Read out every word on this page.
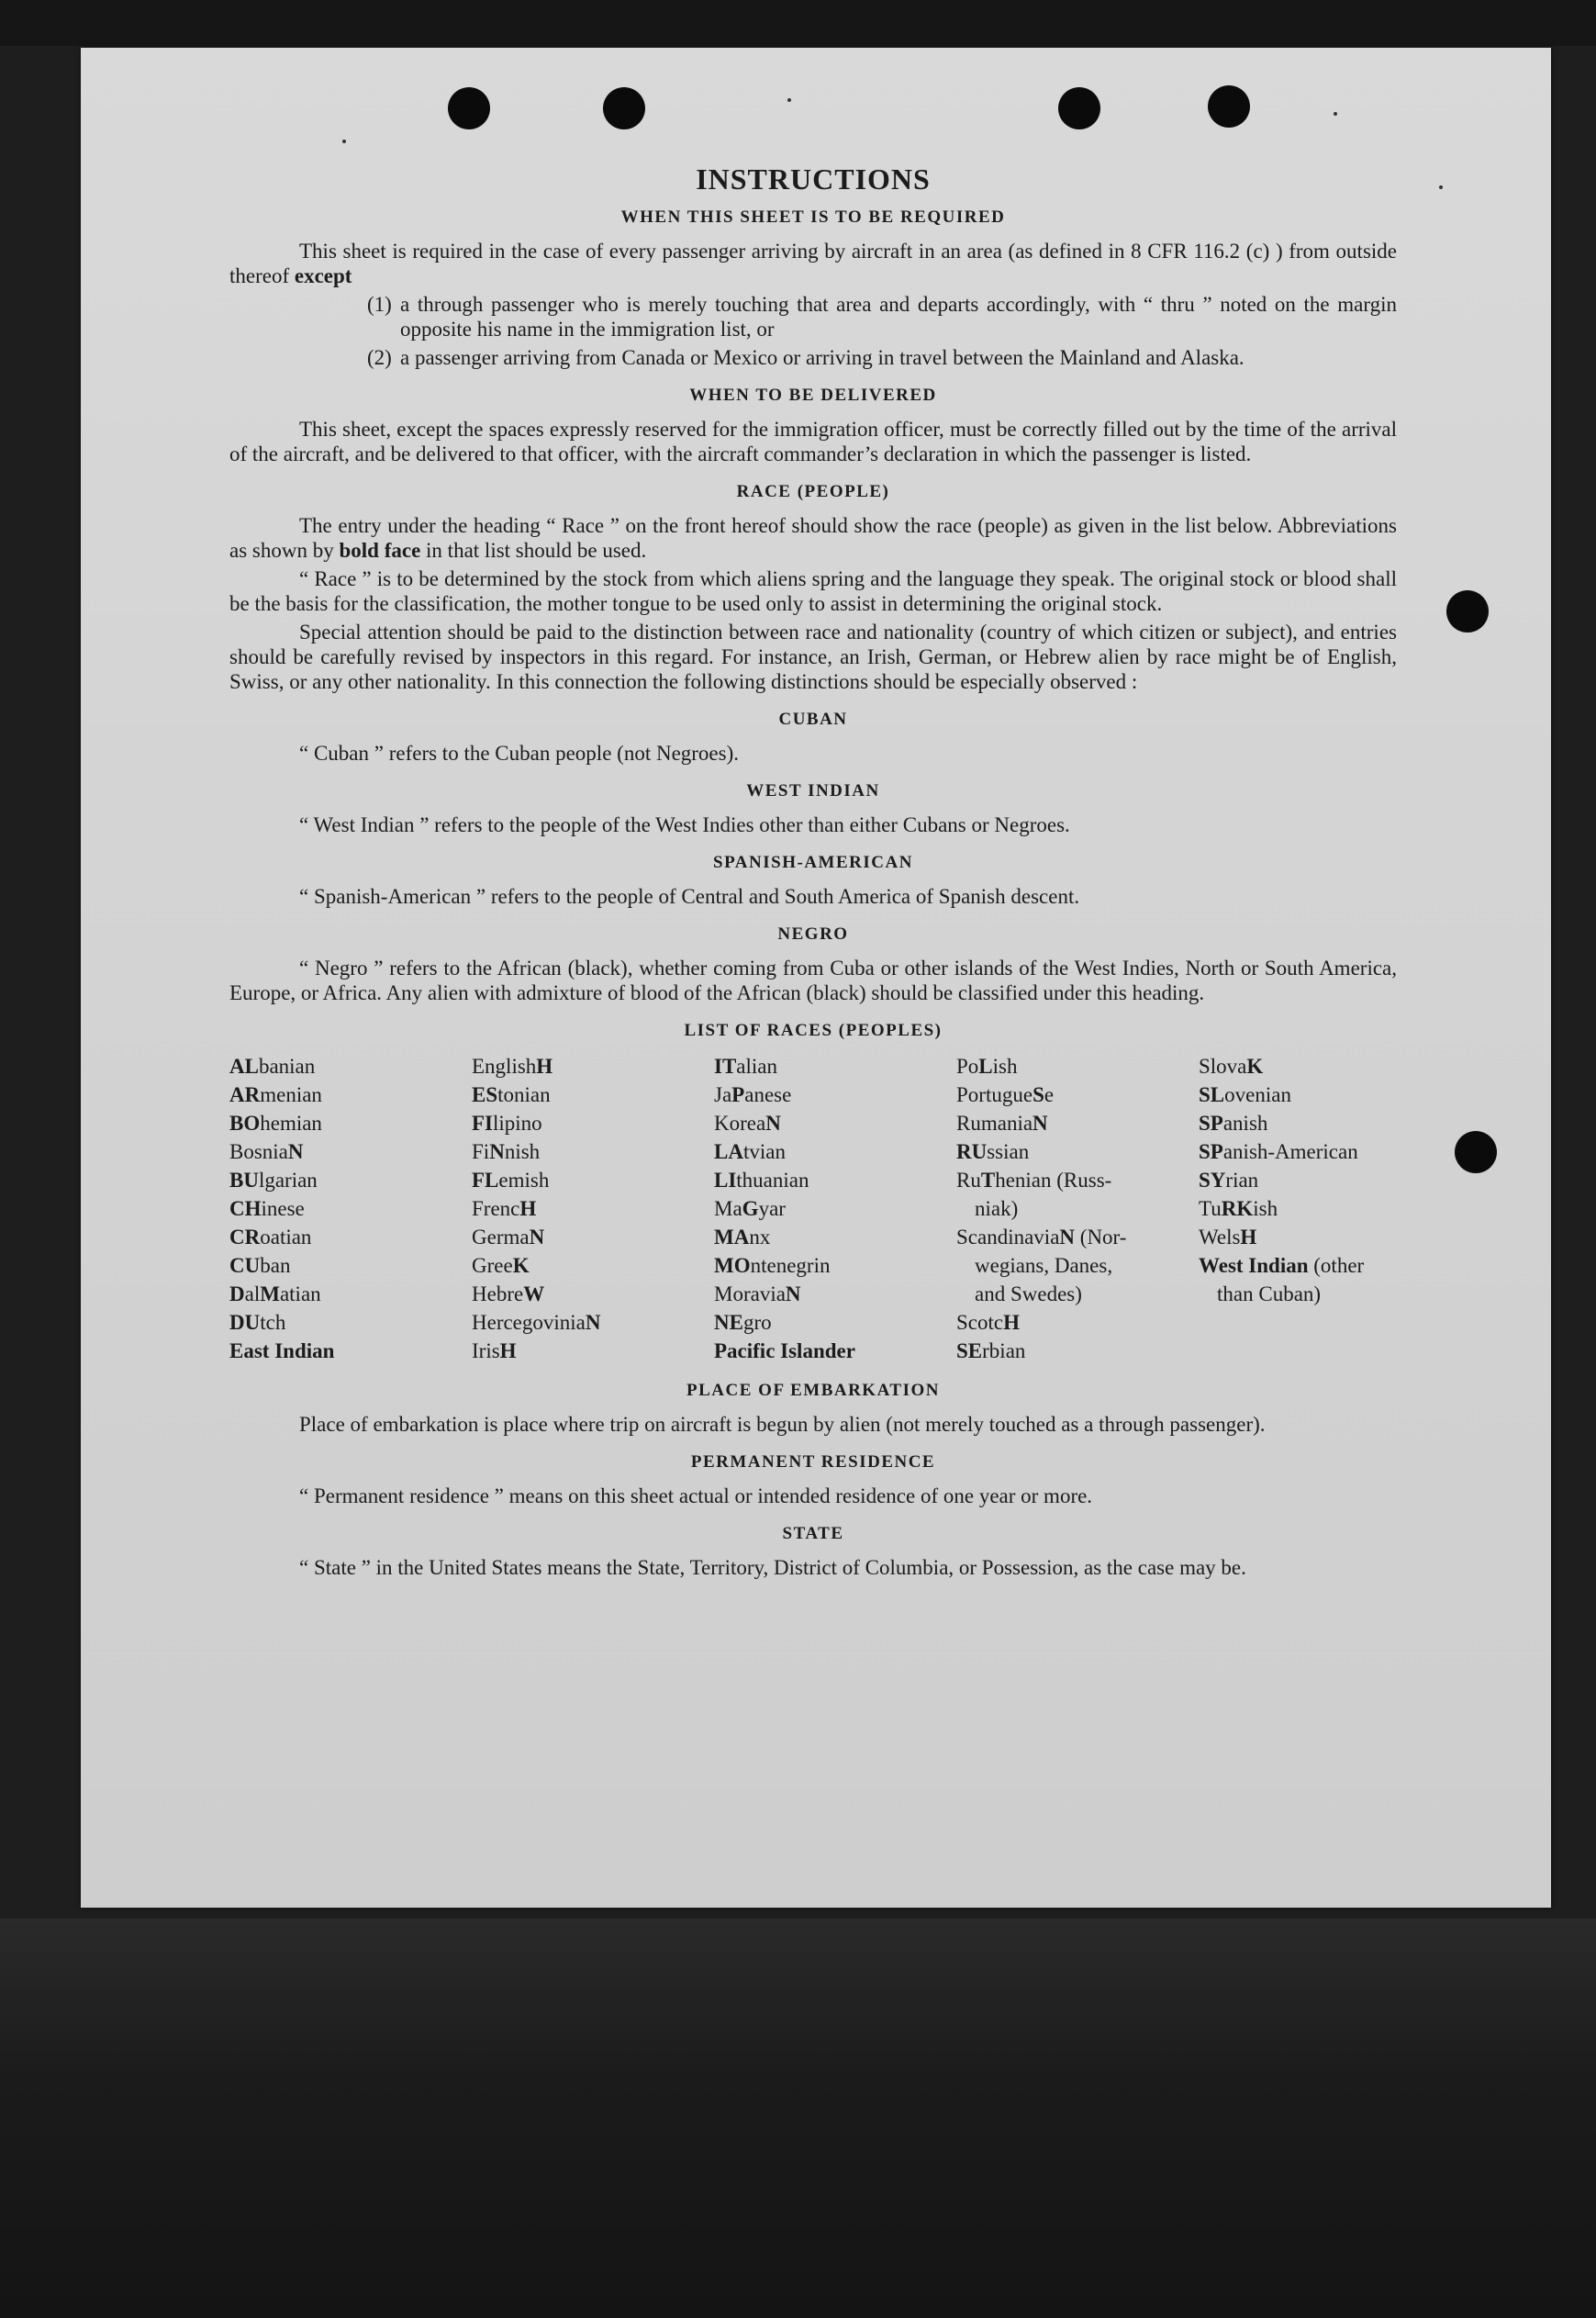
INSTRUCTIONS
WHEN THIS SHEET IS TO BE REQUIRED

This sheet is required in the case of every passenger arriving by aircraft in an area (as defined in 8 CFR 116.2 (c) ) from outside thereof except

(1) a through passenger who is merely touching that area and departs accordingly, with “ thru ” noted on the margin opposite his name in the immigration list, or
(2) a passenger arriving from Canada or Mexico or arriving in travel between the Mainland and Alaska.
WHEN TO BE DELIVERED

This sheet, except the spaces expressly reserved for the immigration officer, must be correctly filled out by the time of the arrival of the aircraft, and be delivered to that officer, with the aircraft commander’s declaration in which the passenger is listed.

RACE (PEOPLE)

The entry under the heading “ Race ” on the front hereof should show the race (people) as given in the list below. Abbreviations as shown by bold face in that list should be used.

“ Race ” is to be determined by the stock from which aliens spring and the language they speak. The original stock or blood shall be the basis for the classification, the mother tongue to be used only to assist in determining the original stock.

Special attention should be paid to the distinction between race and nationality (country of which citizen or subject), and entries should be carefully revised by inspectors in this regard. For instance, an Irish, German, or Hebrew alien by race might be of English, Swiss, or any other nationality. In this connection the following distinctions should be especially observed :

CUBAN

“ Cuban ” refers to the Cuban people (not Negroes).

WEST INDIAN

“ West Indian ” refers to the people of the West Indies other than either Cubans or Negroes.

SPANISH-AMERICAN

“ Spanish-American ” refers to the people of Central and South America of Spanish descent.

NEGRO

“ Negro ” refers to the African (black), whether coming from Cuba or other islands of the West Indies, North or South America, Europe, or Africa. Any alien with admixture of blood of the African (black) should be classified under this heading.

LIST OF RACES (PEOPLES)
ALbanian
ARmenian
BOhemian
BosniaN
BUlgarian
CHinese
CRoatian
CUban
DalMatian
DUtch
East Indian
EnglishH
EStonian
FIlipino
FiNnish
FLemish
FrencH
GermaN
GreeK
HebreW
HercegoviniaN
IrisH
ITalian
JaPanese
KoreaN
LAtvian
LIthuanian
MaGyar
MAnx
MOntenegrin
MoraviaN
NEgro
Pacific Islander
PoLish
PortugueSe
RumaniaN
RUssian
RuThenian (Russ-
niak)
ScandinaviaN (Nor-
wegians, Danes,
and Swedes)
ScotcH
SErbian
SlovaK
SLovenian
SPanish
SPanish-American
SYrian
TuRKish
WelsH
West Indian (other
than Cuban)
PLACE OF EMBARKATION

Place of embarkation is place where trip on aircraft is begun by alien (not merely touched as a through passenger).

PERMANENT RESIDENCE

“ Permanent residence ” means on this sheet actual or intended residence of one year or more.

STATE

“ State ” in the United States means the State, Territory, District of Columbia, or Possession, as the case may be.
